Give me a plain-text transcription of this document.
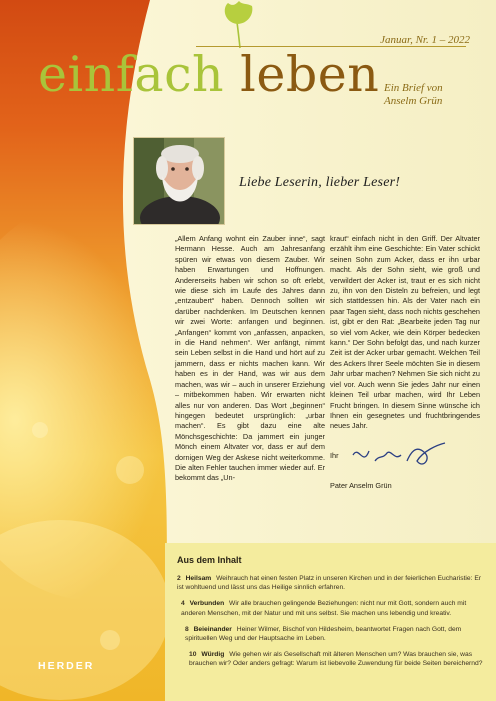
Januar, Nr. 1 – 2022
einfach leben Ein Brief von
Anselm Grün
Liebe Leserin, lieber Leser!

„Allem Anfang wohnt ein Zauber inne“, sagt Hermann Hesse. Auch am Jahresanfang spüren wir etwas von diesem Zauber. Wir haben Erwartungen und Hoffnungen. Andererseits haben wir schon so oft erlebt, wie diese sich im Laufe des Jahres dann „entzaubert“ haben. Dennoch sollten wir darüber nachdenken. Im Deutschen kennen wir zwei Worte: anfangen und beginnen. „Anfangen“ kommt von „anfassen, anpacken, in die Hand nehmen“. Wer anfängt, nimmt sein Leben selbst in die Hand und hört auf zu jammern, dass er nichts machen kann. Wir haben es in der Hand, was wir aus dem machen, was wir – auch in unserer Erziehung – mitbekommen haben. Wir erwarten nicht alles nur von anderen. Das Wort „beginnen“ hingegen bedeutet ursprünglich: „urbar machen“. Es gibt dazu eine alte Mönchsgeschichte: Da jammert ein junger Mönch einem Altvater vor, dass er auf dem dornigen Weg der Askese nicht weiterkomme. Die alten Fehler tauchen immer wieder auf. Er bekommt das „Un-

kraut“ einfach nicht in den Griff. Der Altvater erzählt ihm eine Geschichte: Ein Vater schickt seinen Sohn zum Acker, dass er ihn urbar macht. Als der Sohn sieht, wie groß und verwildert der Acker ist, traut er es sich nicht zu, ihn von den Disteln zu befreien, und legt sich stattdessen hin. Als der Vater nach ein paar Tagen sieht, dass noch nichts geschehen ist, gibt er den Rat: „Bearbeite jeden Tag nur so viel vom Acker, wie dein Körper bedecken kann.“ Der Sohn befolgt das, und nach kurzer Zeit ist der Acker urbar gemacht. Welchen Teil des Ackers Ihrer Seele möchten Sie in diesem Jahr urbar machen? Nehmen Sie sich nicht zu viel vor. Auch wenn Sie jedes Jahr nur einen kleinen Teil urbar machen, wird Ihr Leben Frucht bringen. In diesem Sinne wünsche ich Ihnen ein gesegnetes und fruchtbringendes neues Jahr.

Ihr
Pater Anselm Grün

Aus dem Inhalt
2 Heilsam Weihrauch hat einen festen Platz in unseren Kirchen und in der feierlichen Eucharistie: Er ist wohltuend und lässt uns das Heilige sinnlich erfahren.
4 Verbunden Wir alle brauchen gelingende Beziehungen: nicht nur mit Gott, sondern auch mit anderen Menschen, mit der Natur und mit uns selbst. Sie machen uns lebendig und kreativ.
8 Beieinander Heiner Wilmer, Bischof von Hildesheim, beantwortet Fragen nach Gott, dem spirituellen Weg und der Hauptsache im Leben.
10 Würdig Wie gehen wir als Gesellschaft mit älteren Menschen um? Was brauchen sie, was brauchen wir? Oder anders gefragt: Warum ist liebevolle Zuwendung für beide Seiten bereichernd?
HERDER
